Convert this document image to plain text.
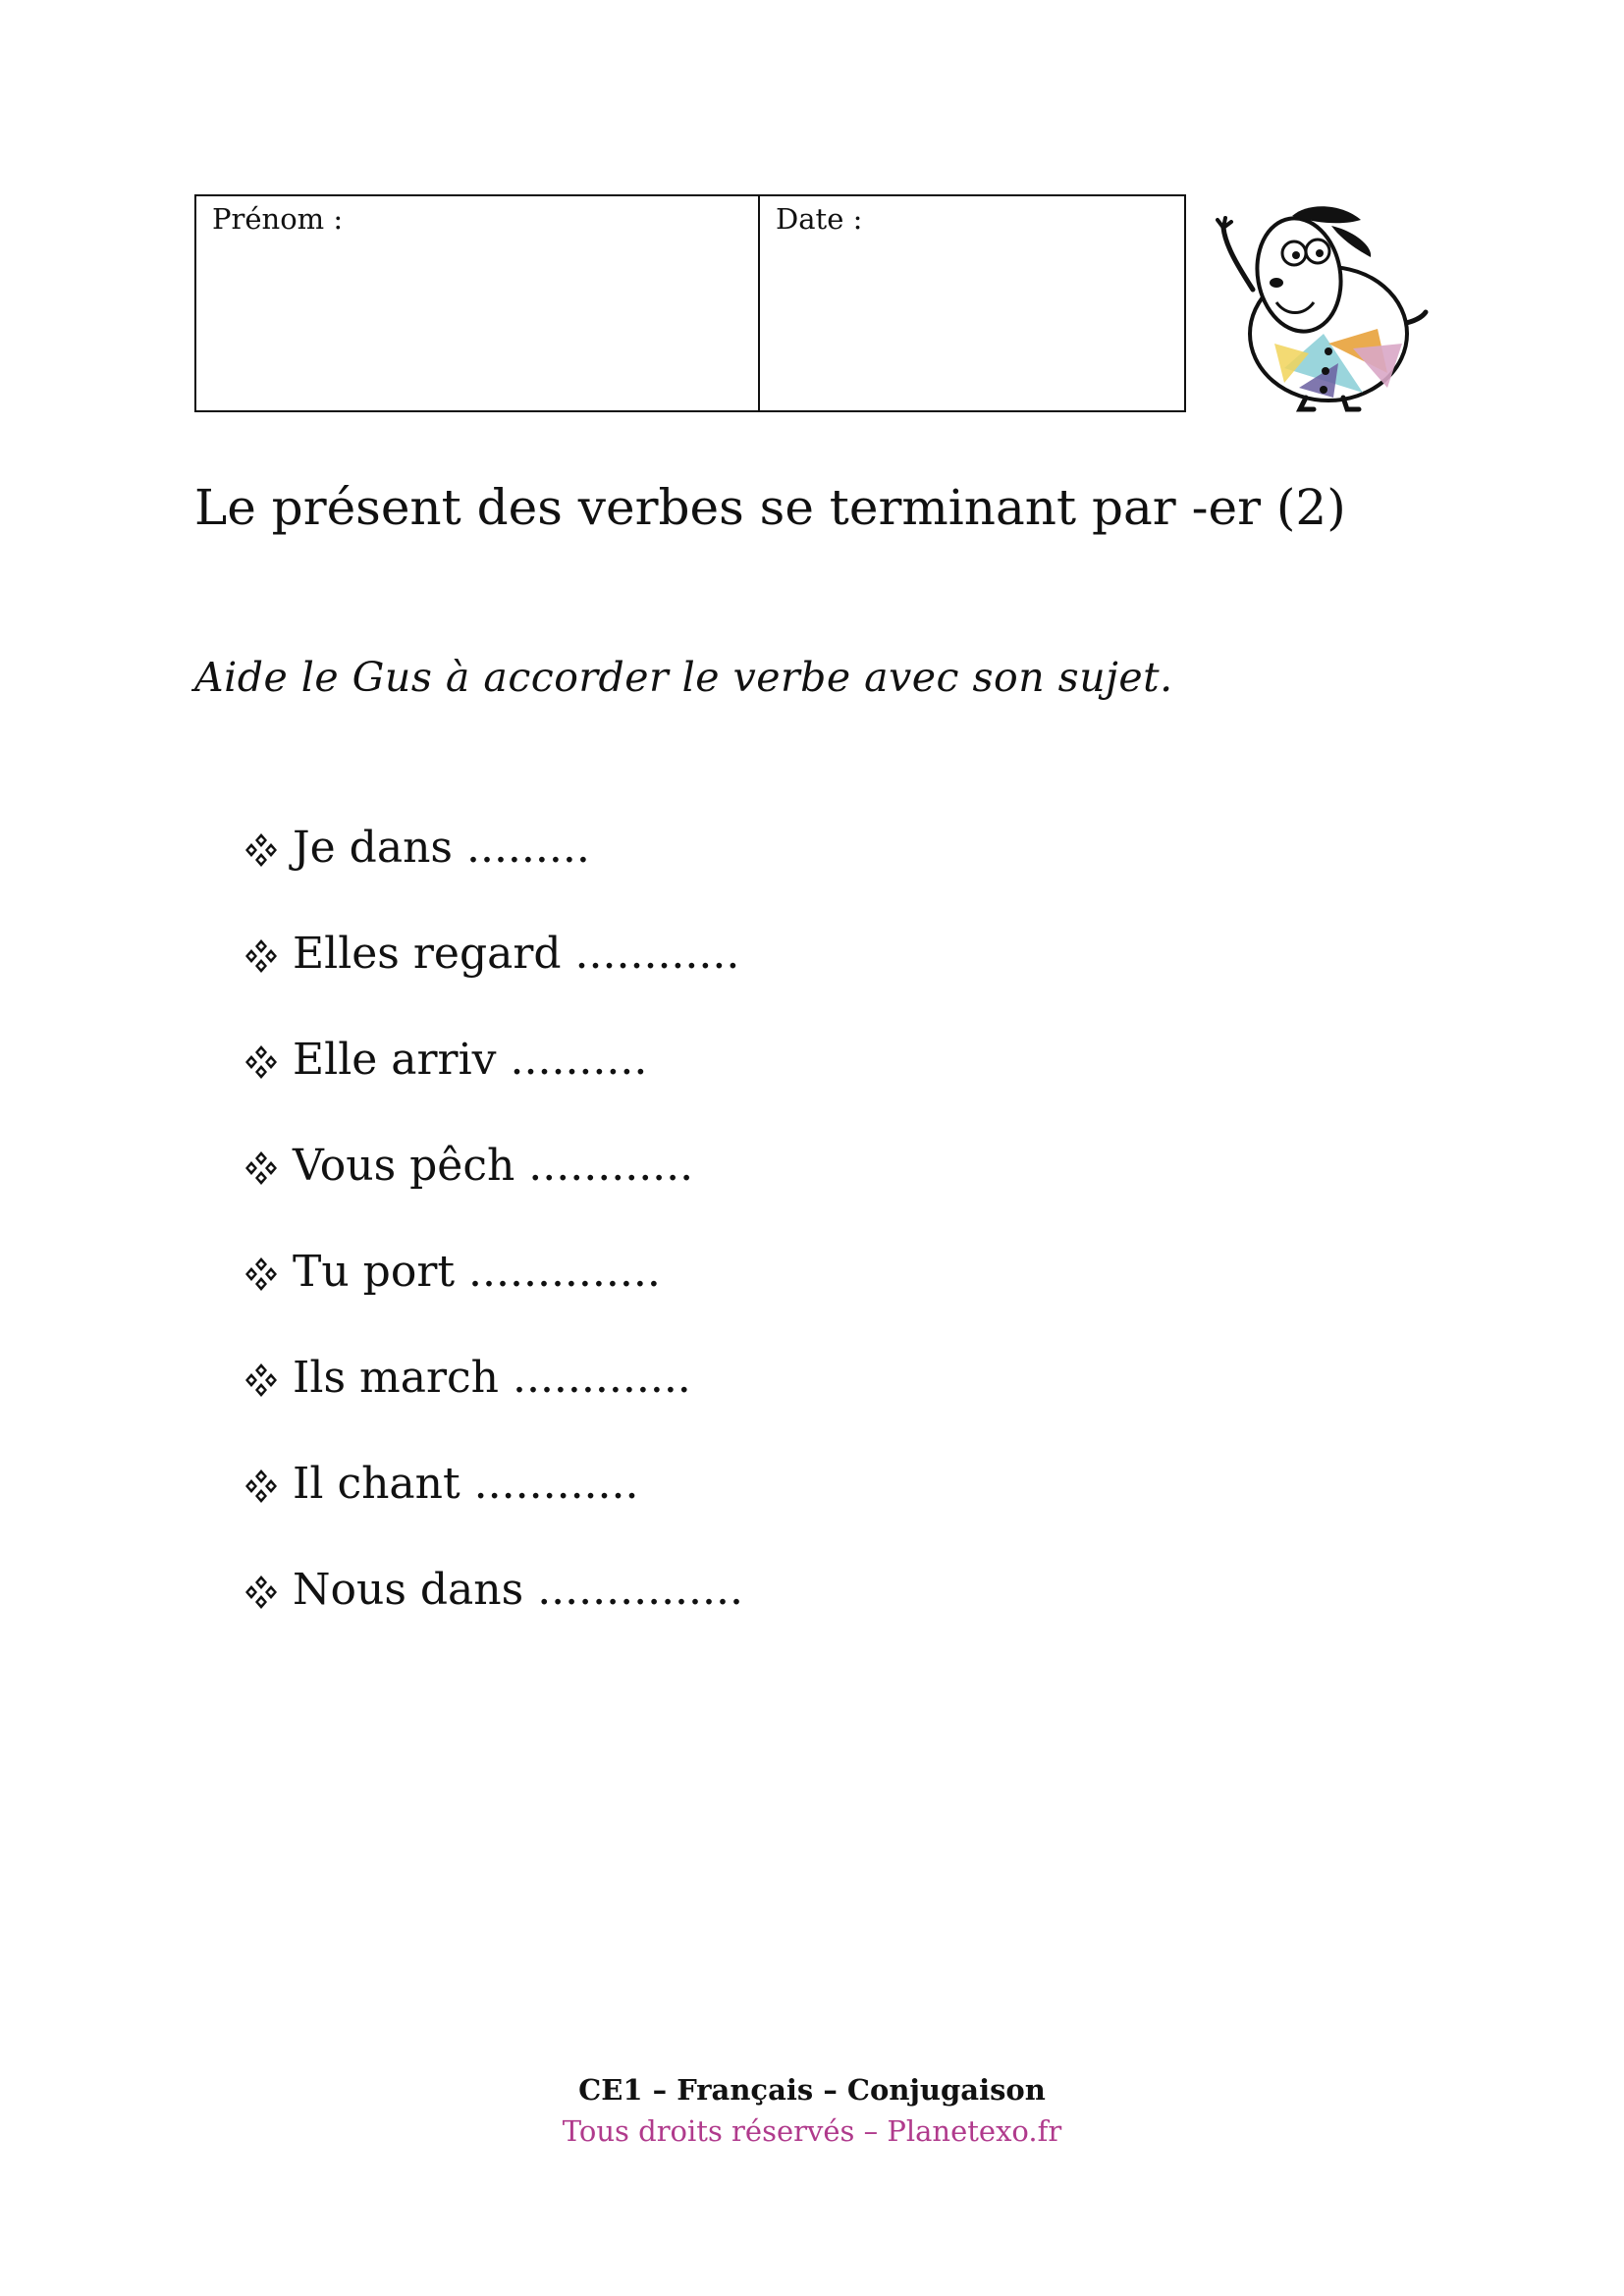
Prénom :	Date :
Le présent des verbes se terminant par -er (2)
Aide le Gus à accorder le verbe avec son sujet.
Je dans .........
Elles regard ............
Elle arriv ..........
Vous pêch ............
Tu port ..............
Ils march .............
Il chant ............
Nous dans ...............
CE1 – Français – Conjugaison
Tous droits réservés – Planetexo.fr
